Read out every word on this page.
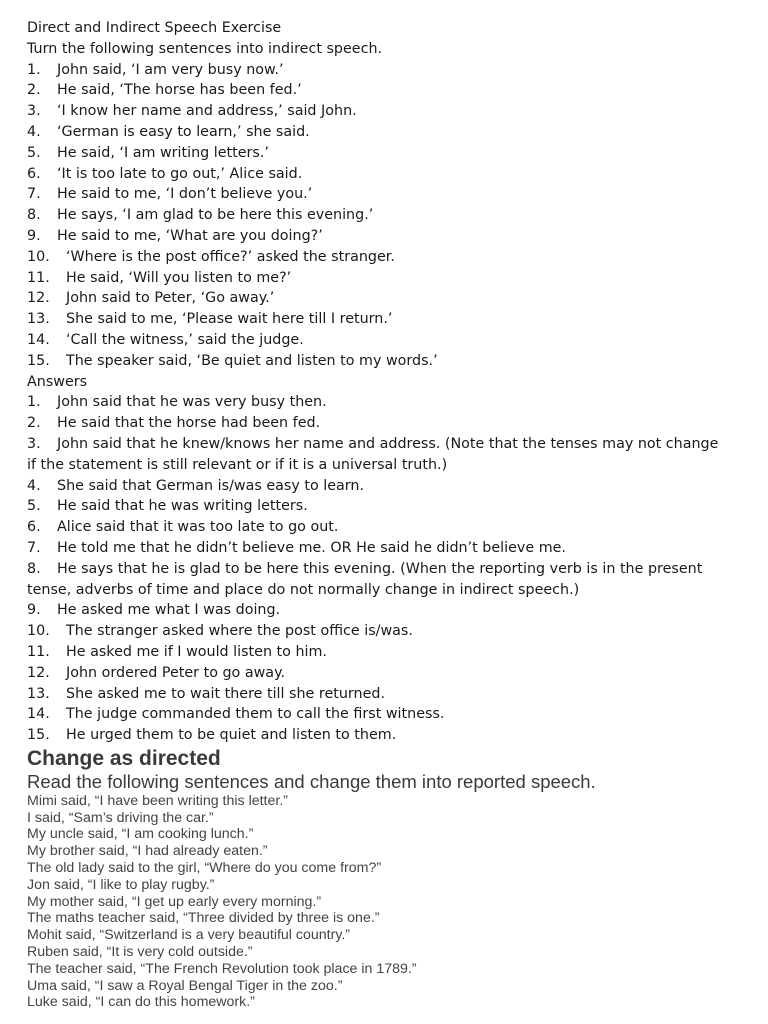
Direct and Indirect Speech Exercise
Turn the following sentences into indirect speech.
1. John said, ‘I am very busy now.’
2. He said, ‘The horse has been fed.’
3. ‘I know her name and address,’ said John.
4. ‘German is easy to learn,’ she said.
5. He said, ‘I am writing letters.’
6. ‘It is too late to go out,’ Alice said.
7. He said to me, ‘I don’t believe you.’
8. He says, ‘I am glad to be here this evening.’
9. He said to me, ‘What are you doing?’
10. ‘Where is the post office?’ asked the stranger.
11. He said, ‘Will you listen to me?’
12. John said to Peter, ‘Go away.’
13. She said to me, ‘Please wait here till I return.’
14. ‘Call the witness,’ said the judge.
15. The speaker said, ‘Be quiet and listen to my words.’
Answers
1. John said that he was very busy then.
2. He said that the horse had been fed.
3. John said that he knew/knows her name and address. (Note that the tenses may not change
if the statement is still relevant or if it is a universal truth.)
4. She said that German is/was easy to learn.
5. He said that he was writing letters.
6. Alice said that it was too late to go out.
7. He told me that he didn’t believe me. OR He said he didn’t believe me.
8. He says that he is glad to be here this evening. (When the reporting verb is in the present
tense, adverbs of time and place do not normally change in indirect speech.)
9. He asked me what I was doing.
10. The stranger asked where the post office is/was.
11. He asked me if I would listen to him.
12. John ordered Peter to go away.
13. She asked me to wait there till she returned.
14. The judge commanded them to call the first witness.
15. He urged them to be quiet and listen to them.
Change as directed
Read the following sentences and change them into reported speech.
Mimi said, “I have been writing this letter.”
I said, “Sam’s driving the car.”
My uncle said, “I am cooking lunch.”
My brother said, “I had already eaten.”
The old lady said to the girl, “Where do you come from?”
Jon said, “I like to play rugby.”
My mother said, “I get up early every morning.”
The maths teacher said, “Three divided by three is one.”
Mohit said, “Switzerland is a very beautiful country.”
Ruben said, “It is very cold outside.”
The teacher said, “The French Revolution took place in 1789.”
Uma said, “I saw a Royal Bengal Tiger in the zoo.”
Luke said, “I can do this homework.”
